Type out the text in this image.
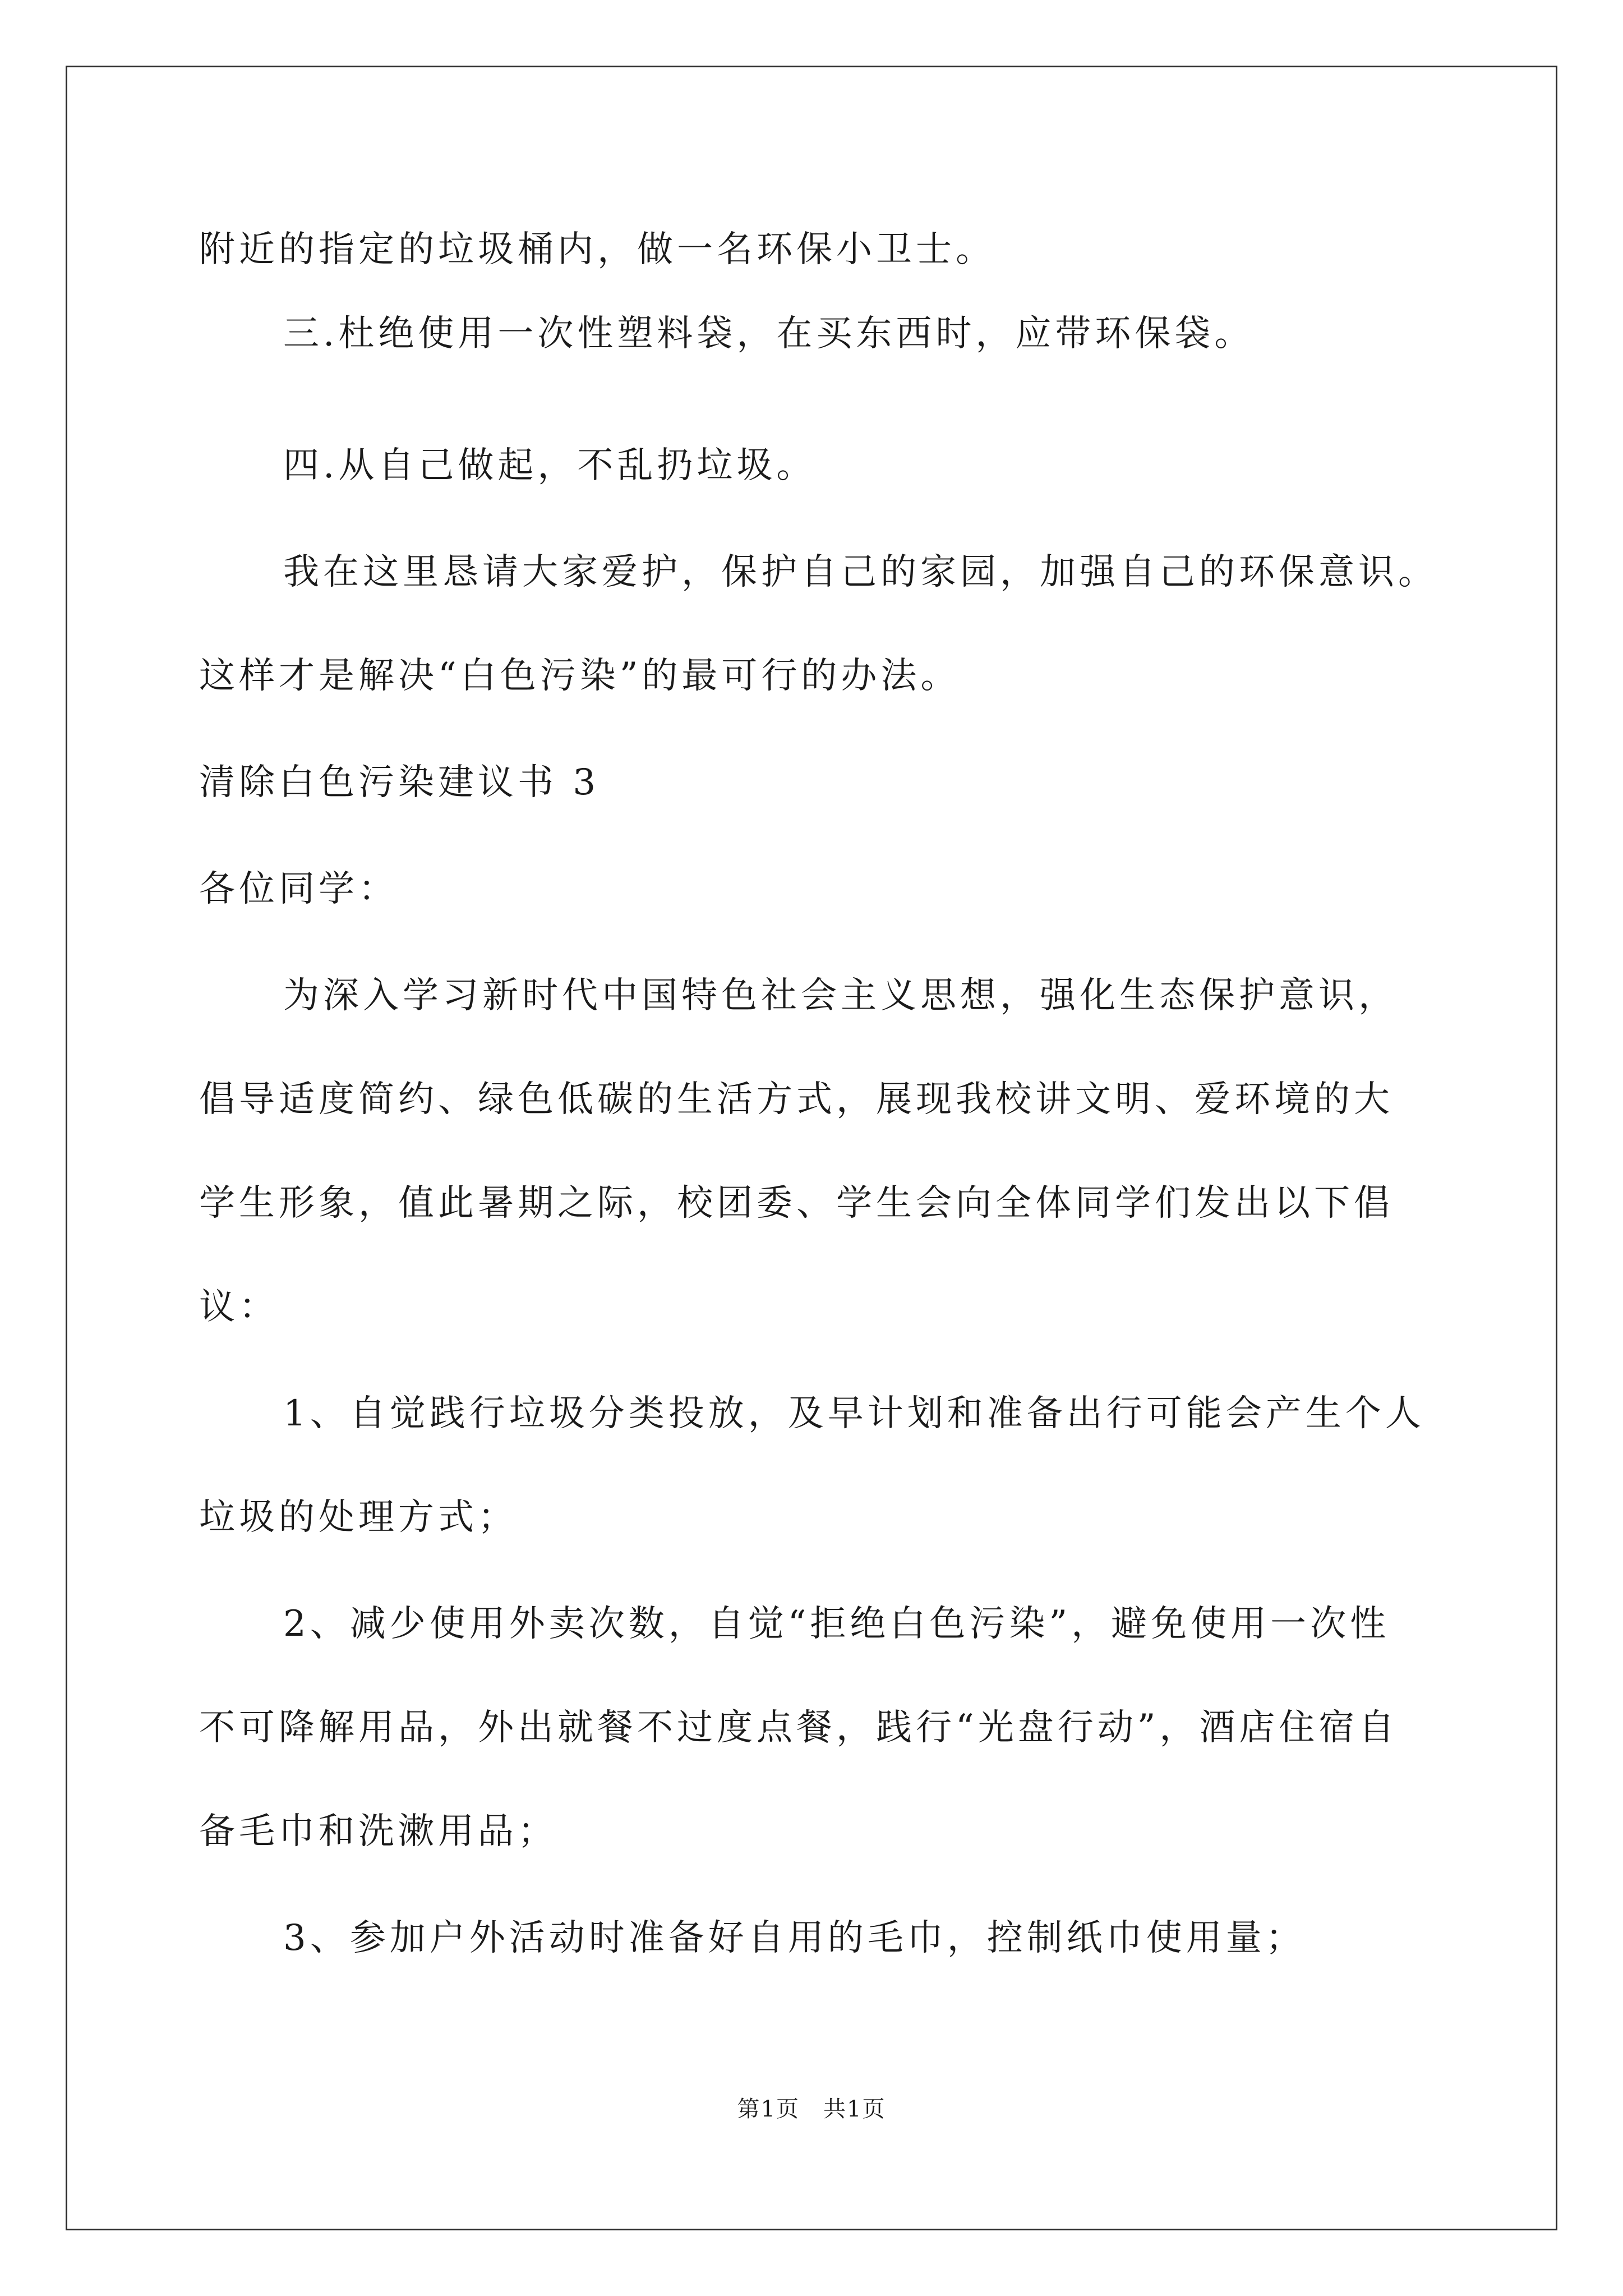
附近的指定的垃圾桶内，做一名环保小卫士。
三.杜绝使用一次性塑料袋，在买东西时，应带环保袋。
四.从自己做起，不乱扔垃圾。
我在这里恳请大家爱护，保护自己的家园，加强自己的环保意识。
这样才是解决“白色污染”的最可行的办法。
清除白色污染建议书 3
各位同学：
为深入学习新时代中国特色社会主义思想，强化生态保护意识，
倡导适度简约、绿色低碳的生活方式，展现我校讲文明、爱环境的大
学生形象，值此暑期之际，校团委、学生会向全体同学们发出以下倡
议：
1、自觉践行垃圾分类投放，及早计划和准备出行可能会产生个人
垃圾的处理方式；
2、减少使用外卖次数，自觉“拒绝白色污染”，避免使用一次性
不可降解用品，外出就餐不过度点餐，践行“光盘行动”，酒店住宿自
备毛巾和洗漱用品；
3、参加户外活动时准备好自用的毛巾，控制纸巾使用量；
第1页　共1页
